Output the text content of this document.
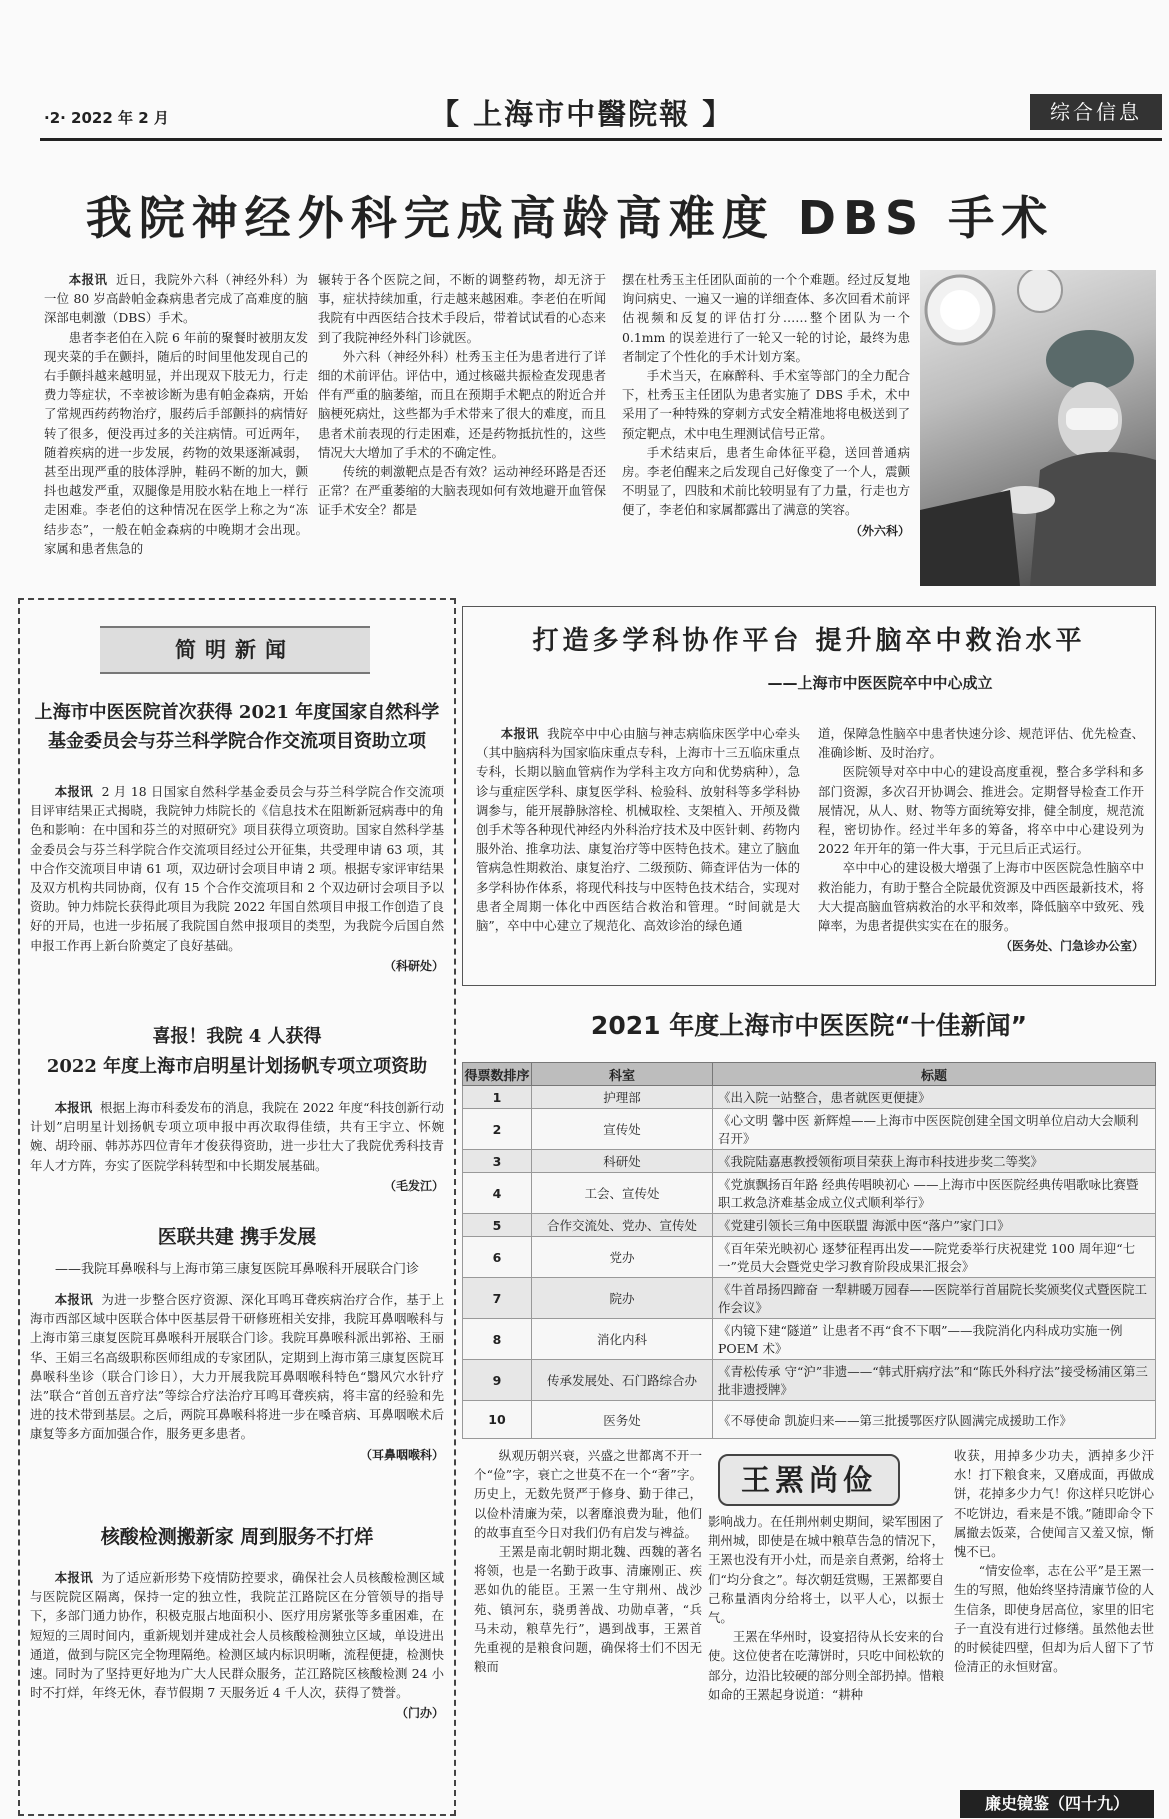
·2· 2022 年 2 月	【 上海市中醫院報 】	综合信息
我院神经外科完成高龄高难度 DBS 手术

本报讯 近日，我院外六科（神经外科）为一位 80 岁高龄帕金森病患者完成了高难度的脑深部电刺激（DBS）手术。

患者李老伯在入院 6 年前的聚餐时被朋友发现夹菜的手在颤抖，随后的时间里他发现自己的右手颤抖越来越明显，并出现双下肢无力，行走费力等症状，不幸被诊断为患有帕金森病，开始了常规西药药物治疗，服药后手部颤抖的病情好转了很多，便没再过多的关注病情。可近两年，随着疾病的进一步发展，药物的效果逐渐减弱，甚至出现严重的肢体浮肿，鞋码不断的加大，颤抖也越发严重，双腿像是用胶水粘在地上一样行走困难。李老伯的这种情况在医学上称之为“冻结步态”，一般在帕金森病的中晚期才会出现。家属和患者焦急的

辗转于各个医院之间，不断的调整药物，却无济于事，症状持续加重，行走越来越困难。李老伯在听闻我院有中西医结合技术手段后，带着试试看的心态来到了我院神经外科门诊就医。

外六科（神经外科）杜秀玉主任为患者进行了详细的术前评估。评估中，通过核磁共振检查发现患者伴有严重的脑萎缩，而且在预期手术靶点的附近合并脑梗死病灶，这些都为手术带来了很大的难度，而且患者术前表现的行走困难，还是药物抵抗性的，这些情况大大增加了手术的不确定性。

传统的刺激靶点是否有效？运动神经环路是否还正常？在严重萎缩的大脑表现如何有效地避开血管保证手术安全？都是

摆在杜秀玉主任团队面前的一个个难题。经过反复地询问病史、一遍又一遍的详细查体、多次回看术前评估视频和反复的评估打分……整个团队为一个 0.1mm 的误差进行了一轮又一轮的讨论，最终为患者制定了个性化的手术计划方案。

手术当天，在麻醉科、手术室等部门的全力配合下，杜秀玉主任团队为患者实施了 DBS 手术，术中采用了一种特殊的穿刺方式安全精准地将电极送到了预定靶点，术中电生理测试信号正常。

手术结束后，患者生命体征平稳，送回普通病房。李老伯醒来之后发现自己好像变了一个人，震颤不明显了，四肢和术前比较明显有了力量，行走也方便了，李老伯和家属都露出了满意的笑容。

（外六科）
简明新闻
上海市中医医院首次获得 2021 年度国家自然科学
基金委员会与芬兰科学院合作交流项目资助立项

本报讯 2 月 18 日国家自然科学基金委员会与芬兰科学院合作交流项目评审结果正式揭晓，我院钟力炜院长的《信息技术在阻断新冠病毒中的角色和影响：在中国和芬兰的对照研究》项目获得立项资助。国家自然科学基金委员会与芬兰科学院合作交流项目经过公开征集，共受理申请 63 项，其中合作交流项目申请 61 项，双边研讨会项目申请 2 项。根据专家评审结果及双方机构共同协商，仅有 15 个合作交流项目和 2 个双边研讨会项目予以资助。钟力炜院长获得此项目为我院 2022 年国自然项目申报工作创造了良好的开局，也进一步拓展了我院国自然申报项目的类型，为我院今后国自然申报工作再上新台阶奠定了良好基础。

（科研处）
喜报！我院 4 人获得
2022 年度上海市启明星计划扬帆专项立项资助

本报讯 根据上海市科委发布的消息，我院在 2022 年度“科技创新行动计划”启明星计划扬帆专项立项申报中再次取得佳绩，共有王宇立、怀婉婉、胡玲丽、韩苏苏四位青年才俊获得资助，进一步壮大了我院优秀科技青年人才方阵，夯实了医院学科转型和中长期发展基础。

（毛发江）
医联共建 携手发展
——我院耳鼻喉科与上海市第三康复医院耳鼻喉科开展联合门诊

本报讯 为进一步整合医疗资源、深化耳鸣耳聋疾病治疗合作，基于上海市西部区域中医联合体中医基层骨干研修班相关安排，我院耳鼻咽喉科与上海市第三康复医院耳鼻喉科开展联合门诊。我院耳鼻喉科派出郭裕、王丽华、王娟三名高级职称医师组成的专家团队，定期到上海市第三康复医院耳鼻喉科坐诊（联合门诊日），大力开展我院耳鼻咽喉科特色“翳风穴水针疗法”联合“首创五音疗法”等综合疗法治疗耳鸣耳聋疾病，将丰富的经验和先进的技术带到基层。之后，两院耳鼻喉科将进一步在嗓音病、耳鼻咽喉术后康复等多方面加强合作，服务更多患者。

（耳鼻咽喉科）
核酸检测搬新家 周到服务不打烊

本报讯 为了适应新形势下疫情防控要求，确保社会人员核酸检测区域与医院院区隔离，保持一定的独立性，我院芷江路院区在分管领导的指导下，多部门通力协作，积极克服占地面积小、医疗用房紧张等多重困难，在短短的三周时间内，重新规划并建成社会人员核酸检测独立区域，单设进出通道，做到与院区完全物理隔绝。检测区域内标识明晰，流程便捷，检测快速。同时为了坚持更好地为广大人民群众服务，芷江路院区核酸检测 24 小时不打烊，年终无休，春节假期 7 天服务近 4 千人次，获得了赞誉。

（门办）
打造多学科协作平台 提升脑卒中救治水平
——上海市中医医院卒中中心成立

本报讯 我院卒中中心由脑与神志病临床医学中心牵头（其中脑病科为国家临床重点专科，上海市十三五临床重点专科，长期以脑血管病作为学科主攻方向和优势病种），急诊与重症医学科、康复医学科、检验科、放射科等多学科协调参与，能开展静脉溶栓、机械取栓、支架植入、开颅及微创手术等各种现代神经内外科治疗技术及中医针刺、药物内服外治、推拿功法、康复治疗等中医特色技术。建立了脑血管病急性期救治、康复治疗、二级预防、筛查评估为一体的多学科协作体系，将现代科技与中医特色技术结合，实现对患者全周期一体化中西医结合救治和管理。“时间就是大脑”，卒中中心建立了规范化、高效诊治的绿色通

道，保障急性脑卒中患者快速分诊、规范评估、优先检查、准确诊断、及时治疗。

医院领导对卒中中心的建设高度重视，整合多学科和多部门资源，多次召开协调会、推进会。定期督导检查工作开展情况，从人、财、物等方面统筹安排，健全制度，规范流程，密切协作。经过半年多的筹备，将卒中中心建设列为 2022 年开年的第一件大事，于元旦后正式运行。

卒中中心的建设极大增强了上海市中医医院急性脑卒中救治能力，有助于整合全院最优资源及中西医最新技术，将大大提高脑血管病救治的水平和效率，降低脑卒中致死、残障率，为患者提供实实在在的服务。

（医务处、门急诊办公室）
2021 年度上海市中医医院“十佳新闻”
得票数排序	科室	标题
1	护理部	《出入院一站整合，患者就医更便捷》
2	宣传处	《心文明 馨中医 新辉煌——上海市中医医院创建全国文明单位启动大会顺利召开》
3	科研处	《我院陆嘉惠教授领衔项目荣获上海市科技进步奖二等奖》
4	工会、宣传处	《党旗飘扬百年路 经典传唱映初心 ——上海市中医医院经典传唱歌咏比赛暨职工救急济难基金成立仪式顺利举行》
5	合作交流处、党办、宣传处	《党建引领长三角中医联盟 海派中医“落户”家门口》
6	党办	《百年荣光映初心 逐梦征程再出发——院党委举行庆祝建党 100 周年迎“七一”党员大会暨党史学习教育阶段成果汇报会》
7	院办	《牛首昂扬四蹄奋 一犁耕暖万园春——医院举行首届院长奖颁奖仪式暨医院工作会议》
8	消化内科	《内镜下建“隧道” 让患者不再“食不下咽”——我院消化内科成功实施一例 POEM 术》
9	传承发展处、石门路综合办	《青松传承 守“沪”非遗——“韩式肝病疗法”和“陈氏外科疗法”接受杨浦区第三批非遗授牌》
10	医务处	《不辱使命 凯旋归来——第三批援鄂医疗队圆满完成援助工作》

纵观历朝兴衰，兴盛之世都离不开一个“俭”字，衰亡之世莫不在一个“奢”字。历史上，无数先贤严于修身、勤于律己，以俭朴清廉为荣，以奢靡浪费为耻，他们的故事直至今日对我们仍有启发与裨益。

王罴是南北朝时期北魏、西魏的著名将领，也是一名勤于政事、清廉刚正、疾恶如仇的能臣。王罴一生守荆州、战沙苑、镇河东，骁勇善战、功勋卓著，“兵马未动，粮草先行”，遇到战事，王罴首先重视的是粮食问题，确保将士们不因无粮而

王罴尚俭

影响战力。在任荆州刺史期间，梁军围困了荆州城，即使是在城中粮草告急的情况下，王罴也没有开小灶，而是亲自煮粥，给将士们“均分食之”。每次朝廷赏赐，王罴都要自己称量酒肉分给将士，以平人心，以振士气。

王罴在华州时，设宴招待从长安来的台使。这位使者在吃薄饼时，只吃中间松软的部分，边沿比较硬的部分则全部扔掉。惜粮如命的王罴起身说道：“耕种

收获，用掉多少功夫，洒掉多少汗水！打下粮食来，又磨成面，再做成饼，花掉多少力气！你这样只吃饼心不吃饼边，看来是不饿。”随即命令下属撤去饭菜，合使闻言又羞又惊，惭愧不已。

“情安俭率，志在公平”是王罴一生的写照，他始终坚持清廉节俭的人生信条，即使身居高位，家里的旧宅子一直没有进行过修缮。虽然他去世的时候徒四壁，但却为后人留下了节俭清正的永恒财富。

廉史镜鉴（四十九）
